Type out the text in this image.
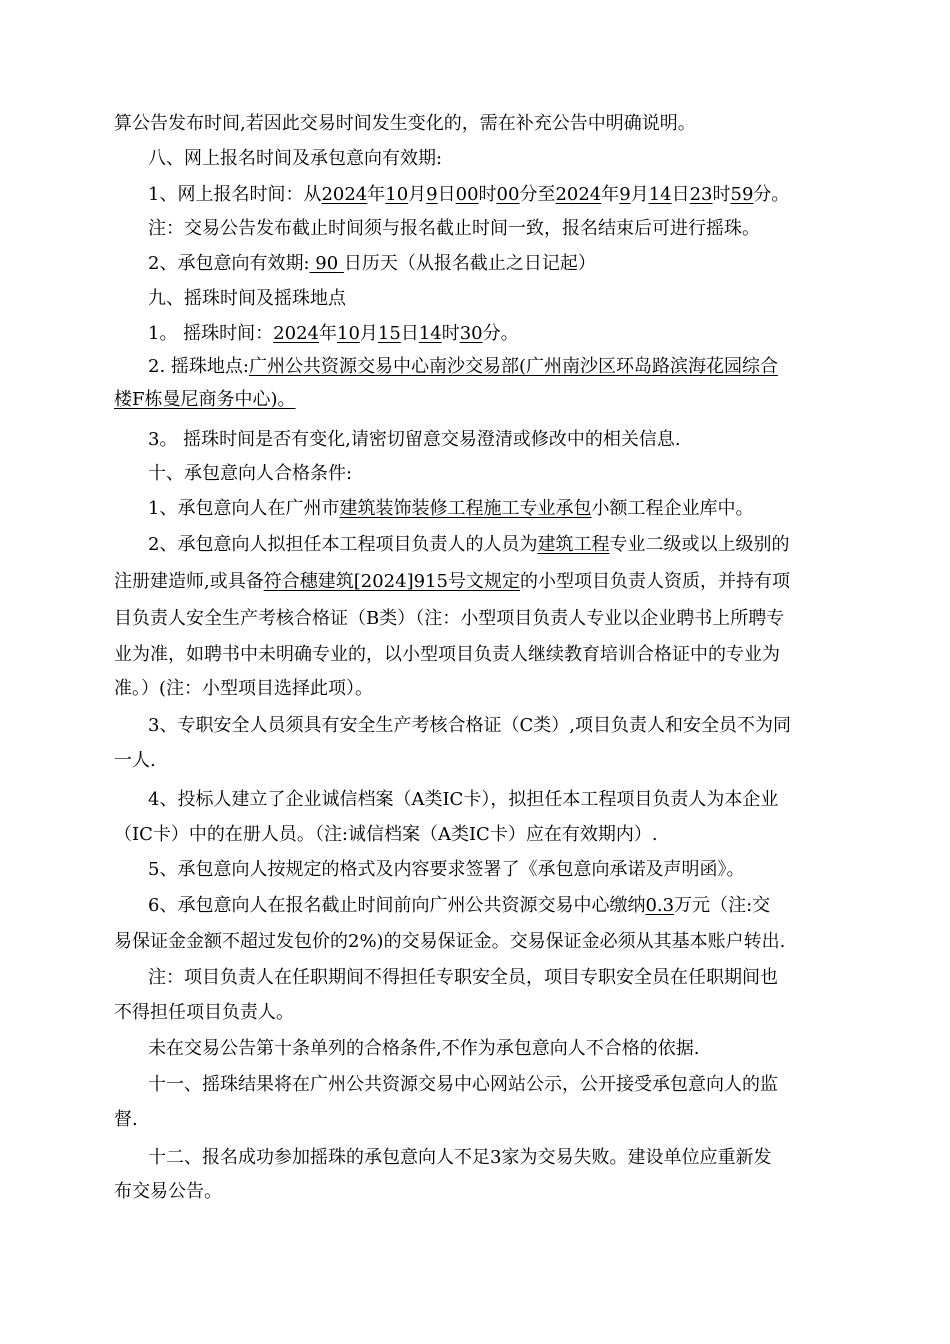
算公告发布时间,若因此交易时间发生变化的，需在补充公告中明确说明。
八、网上报名时间及承包意向有效期:
1、网上报名时间：从2024年10月9日00时00分至2024年9月14日23时59分。
注：交易公告发布截止时间须与报名截止时间一致，报名结束后可进行摇珠。
2、承包意向有效期: 90 日历天（从报名截止之日记起）
九、摇珠时间及摇珠地点
1。 摇珠时间：2024年10月15日14时30分。
2. 摇珠地点:广州公共资源交易中心南沙交易部(广州南沙区环岛路滨海花园综合
楼F栋曼尼商务中心)。
3。 摇珠时间是否有变化,请密切留意交易澄清或修改中的相关信息.
十、承包意向人合格条件:
1、承包意向人在广州市建筑装饰装修工程施工专业承包小额工程企业库中。
2、承包意向人拟担任本工程项目负责人的人员为建筑工程专业二级或以上级别的
注册建造师,或具备符合穗建筑[2024]915号文规定的小型项目负责人资质，并持有项
目负责人安全生产考核合格证（B类）（注：小型项目负责人专业以企业聘书上所聘专
业为准，如聘书中未明确专业的，以小型项目负责人继续教育培训合格证中的专业为
准。）(注：小型项目选择此项）。
3、专职安全人员须具有安全生产考核合格证（C类）,项目负责人和安全员不为同
一人.
4、投标人建立了企业诚信档案（A类IC卡），拟担任本工程项目负责人为本企业
（IC卡）中的在册人员。（注:诚信档案（A类IC卡）应在有效期内）.
5、承包意向人按规定的格式及内容要求签署了《承包意向承诺及声明函》。
6、承包意向人在报名截止时间前向广州公共资源交易中心缴纳0.3万元（注:交
易保证金金额不超过发包价的2%)的交易保证金。交易保证金必须从其基本账户转出.
注：项目负责人在任职期间不得担任专职安全员，项目专职安全员在任职期间也
不得担任项目负责人。
未在交易公告第十条单列的合格条件,不作为承包意向人不合格的依据.
十一、摇珠结果将在广州公共资源交易中心网站公示，公开接受承包意向人的监
督.
十二、报名成功参加摇珠的承包意向人不足3家为交易失败。建设单位应重新发
布交易公告。
